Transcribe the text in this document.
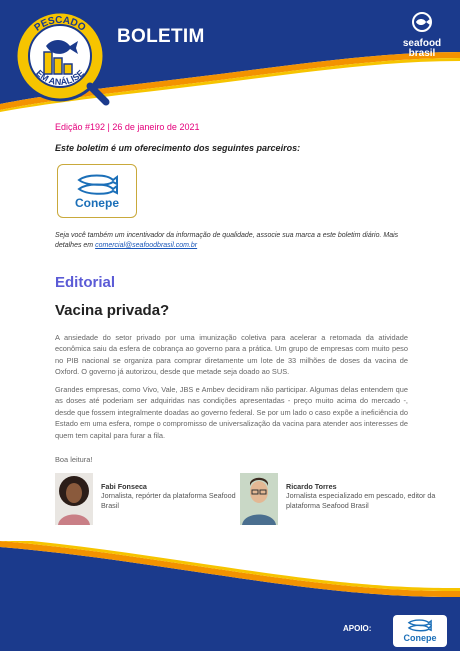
BOLETIM	seafood
brasil
PESCADO
EM ANÁLISE
Edição #192 | 26 de janeiro de 2021
Este boletim é um oferecimento dos seguintes parceiros:
Conepe
Seja você também um incentivador da informação de qualidade, associe sua marca a este boletim diário. Mais detalhes em comercial@seafoodbrasil.com.br
Editorial
Vacina privada?
A ansiedade do setor privado por uma imunização coletiva para acelerar a retomada da atividade econômica saiu da esfera de cobrança ao governo para a prática. Um grupo de empresas com muito peso no PIB nacional se organiza para comprar diretamente um lote de 33 milhões de doses da vacina de Oxford. O governo já autorizou, desde que metade seja doado ao SUS.
Grandes empresas, como Vivo, Vale, JBS e Ambev decidiram não participar. Algumas delas entendem que as doses até poderiam ser adquiridas nas condições apresentadas - preço muito acima do mercado -, desde que fossem integralmente doadas ao governo federal. Se por um lado o caso expõe a ineficiência do Estado em uma esfera, rompe o compromisso de universalização da vacina para atender aos interesses de quem tem capital para furar a fila.
Boa leitura!
Fabi Fonseca
Jornalista, repórter da plataforma Seafood Brasil
Ricardo Torres
Jornalista especializado em pescado, editor da plataforma Seafood Brasil
APOIO:
Conepe
